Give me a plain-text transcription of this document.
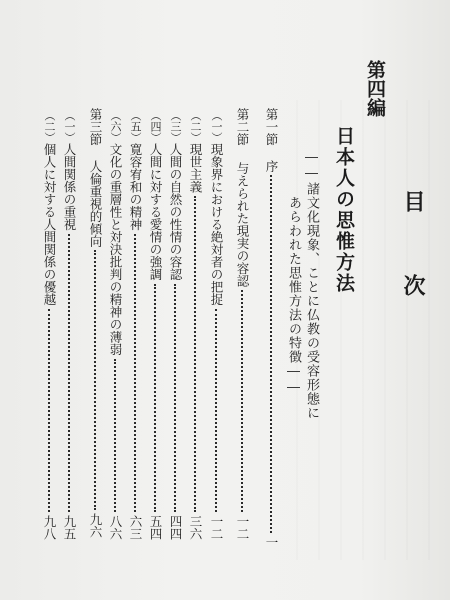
目　次
第四編
日本人の思惟方法
――諸文化現象、ことに仏教の受容形態に
あらわれた思惟方法の特徴――
第一節
序
一
第二節
与えられた現実の容認
一二
（一）
現象界における絶対者の把捉
一二
（二）
現世主義
三六
（三）
人間の自然の性情の容認
四四
（四）
人間に対する愛情の強調
五四
（五）
寛容宥和の精神
六三
（六）
文化の重層性と対決批判の精神の薄弱
八六
第三節
人倫重視的傾向
九六
（一）
人間関係の重視
九五
（二）
個人に対する人間関係の優越
九八
